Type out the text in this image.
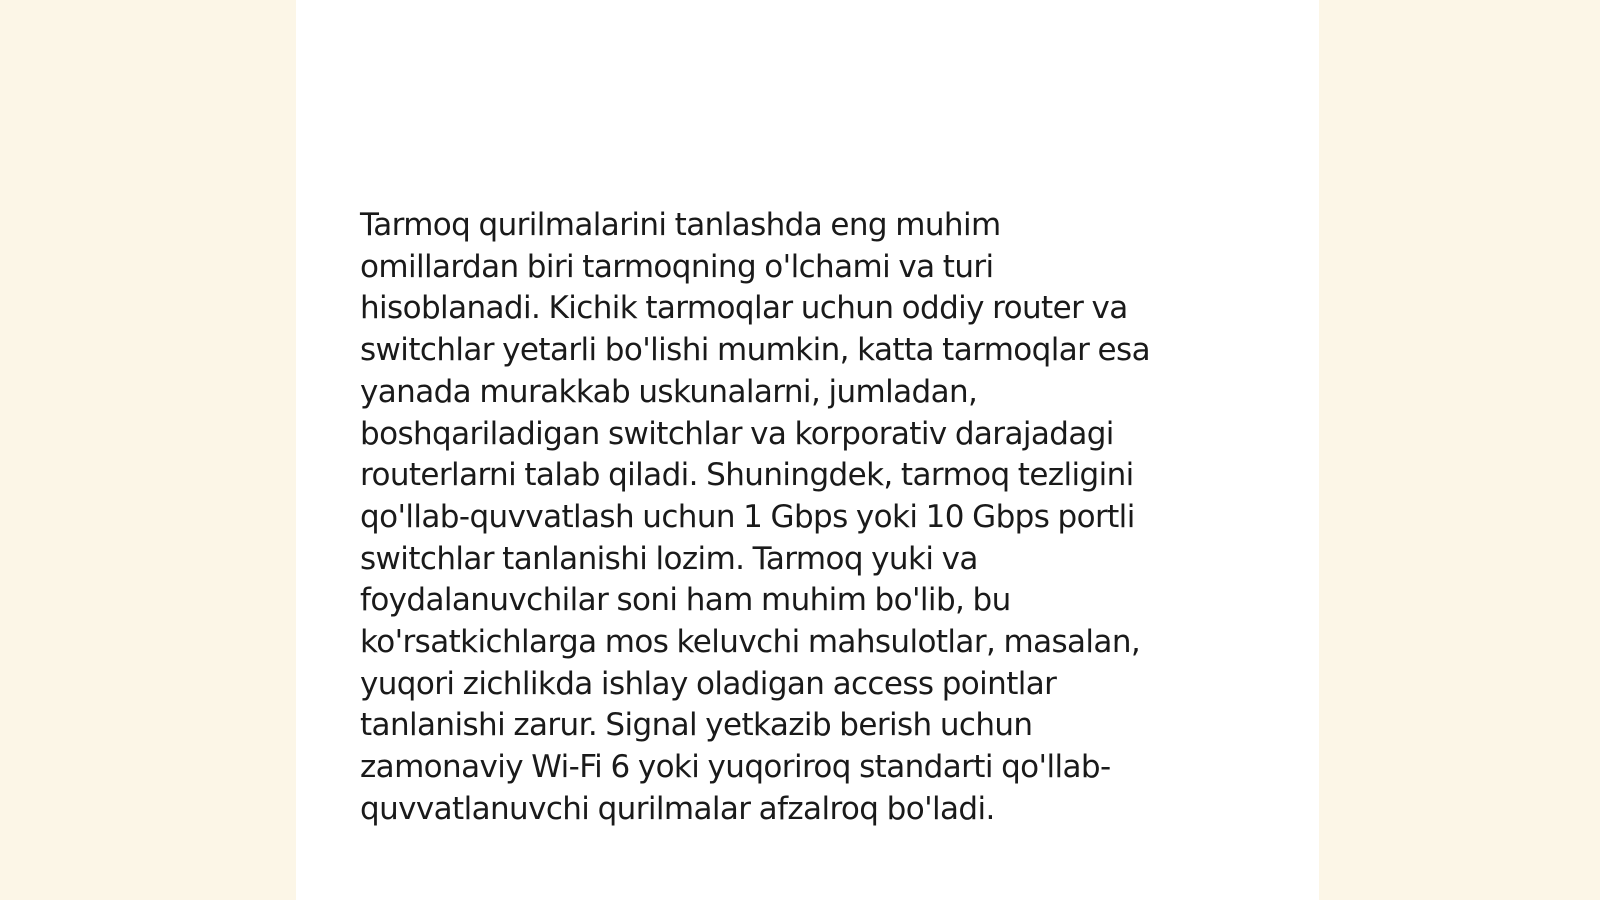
Tarmoq qurilmalarini tanlashda eng muhim
omillardan biri tarmoqning o'lchami va turi
hisoblanadi. Kichik tarmoqlar uchun oddiy router va
switchlar yetarli bo'lishi mumkin, katta tarmoqlar esa
yanada murakkab uskunalarni, jumladan,
boshqariladigan switchlar va korporativ darajadagi
routerlarni talab qiladi. Shuningdek, tarmoq tezligini
qo'llab-quvvatlash uchun 1 Gbps yoki 10 Gbps portli
switchlar tanlanishi lozim. Tarmoq yuki va
foydalanuvchilar soni ham muhim bo'lib, bu
ko'rsatkichlarga mos keluvchi mahsulotlar, masalan,
yuqori zichlikda ishlay oladigan access pointlar
tanlanishi zarur. Signal yetkazib berish uchun
zamonaviy Wi-Fi 6 yoki yuqoriroq standarti qo'llab-
quvvatlanuvchi qurilmalar afzalroq bo'ladi.
